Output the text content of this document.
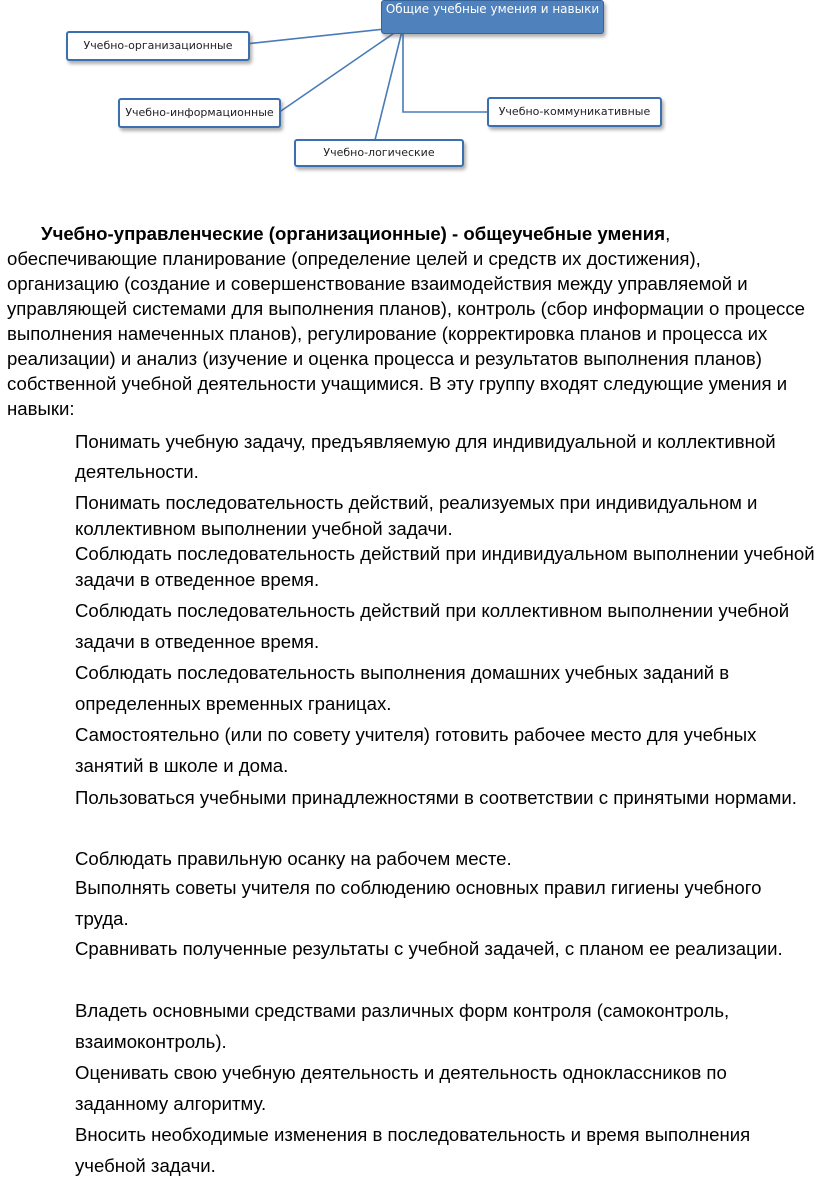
Общие учебные умения и навыки
Учебно-организационные
Учебно-информационные
Учебно-логические
Учебно-коммуникативные

Учебно-управленческие (организационные) - общеучебные умения, обеспечивающие планирование (определение целей и средств их достижения), организацию (создание и совершенствование взаимодействия между управляемой и управляющей системами для выполнения планов), контроль (сбор информации о процессе выполнения намеченных планов), регулирование (корректировка планов и процесса их реализации) и анализ (изучение и оценка процесса и результатов выполнения планов) собственной учебной деятельности учащимися. В эту группу входят следующие умения и навыки:

Понимать учебную задачу, предъявляемую для индивидуальной и коллективной деятельности.
Понимать последовательность действий, реализуемых при индивидуальном и коллективном выполнении учебной задачи.
Соблюдать последовательность действий при индивидуальном выполнении учебной задачи в отведенное время.
Соблюдать последовательность действий при коллективном выполнении учебной задачи в отведенное время.
Соблюдать последовательность выполнения домашних учебных заданий в определенных временных границах.
Самостоятельно (или по совету учителя) готовить рабочее место для учебных занятий в школе и дома.
Пользоваться учебными принадлежностями в соответствии с принятыми нормами.
Соблюдать правильную осанку на рабочем месте.
Выполнять советы учителя по соблюдению основных правил гигиены учебного труда.
Сравнивать полученные результаты с учебной задачей, с планом ее реализации.
Владеть основными средствами различных форм контроля (самоконтроль, взаимоконтроль).
Оценивать свою учебную деятельность и деятельность одноклассников по заданному алгоритму.
Вносить необходимые изменения в последовательность и время выполнения учебной задачи.
